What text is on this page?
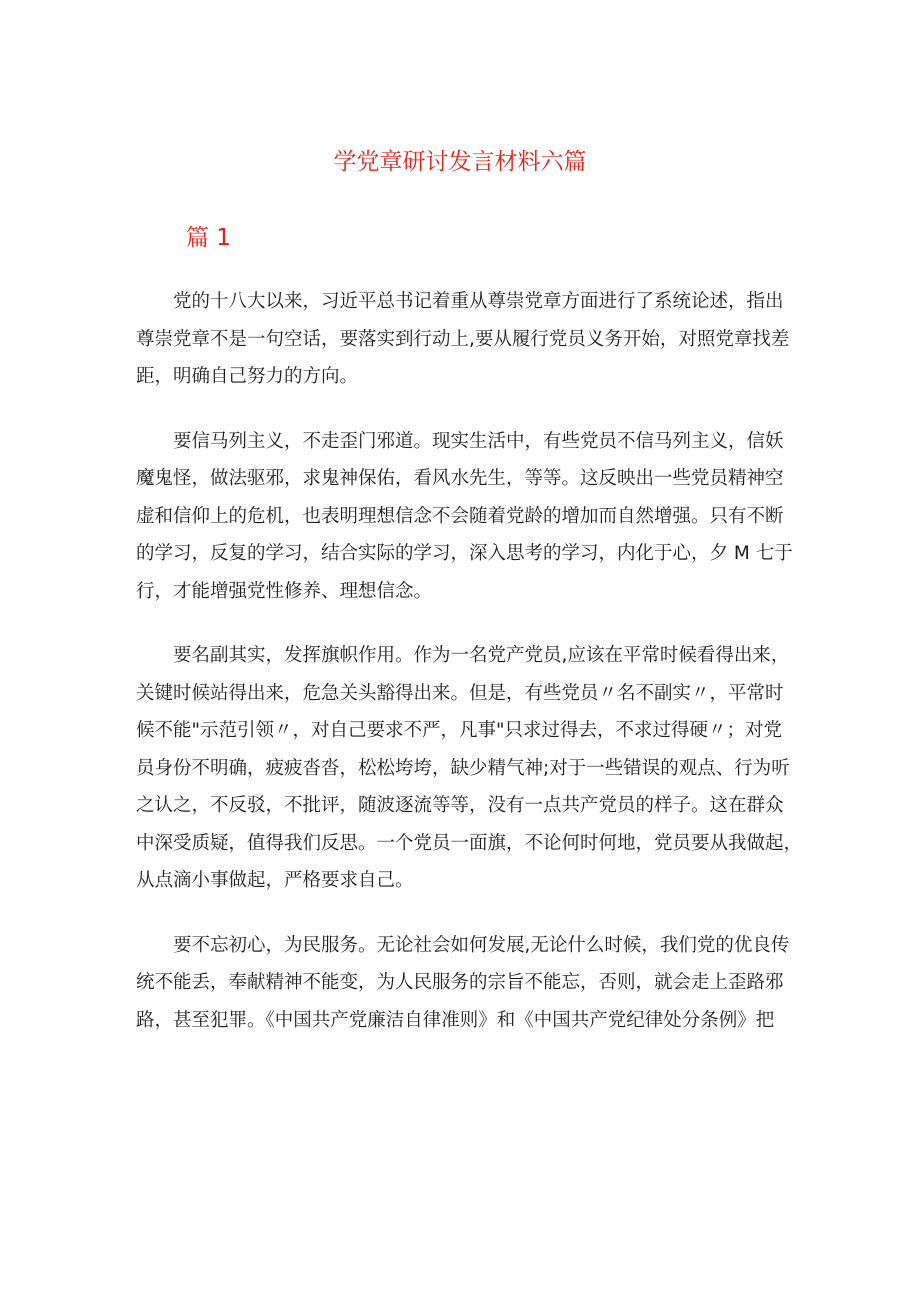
学党章研讨发言材料六篇
篇 1
党的十八大以来，习近平总书记着重从尊崇党章方面进行了系统论述，指出
尊崇党章不是一句空话，要落实到行动上,要从履行党员义务开始，对照党章找差
距，明确自己努力的方向。
要信马列主义，不走歪门邪道。现实生活中，有些党员不信马列主义，信妖
魔鬼怪，做法驱邪，求鬼神保佑，看风水先生，等等。这反映出一些党员精神空
虚和信仰上的危机，也表明理想信念不会随着党龄的增加而自然增强。只有不断
的学习，反复的学习，结合实际的学习，深入思考的学习，内化于心，夕 M 七于
行，才能增强党性修养、理想信念。
要名副其实，发挥旗帜作用。作为一名党产党员,应该在平常时候看得出来，
关键时候站得出来，危急关头豁得出来。但是，有些党员〃名不副实〃，平常时
候不能"示范引领〃，对自己要求不严，凡事"只求过得去，不求过得硬〃；对党
员身份不明确，疲疲沓沓，松松垮垮，缺少精气神;对于一些错误的观点、行为听
之认之，不反驳，不批评，随波逐流等等，没有一点共产党员的样子。这在群众
中深受质疑，值得我们反思。一个党员一面旗，不论何时何地，党员要从我做起，
从点滴小事做起，严格要求自己。
要不忘初心，为民服务。无论社会如何发展,无论什么时候，我们党的优良传
统不能丢，奉献精神不能变，为人民服务的宗旨不能忘，否则，就会走上歪路邪
路，甚至犯罪。《中国共产党廉洁自律准则》和《中国共产党纪律处分条例》把
